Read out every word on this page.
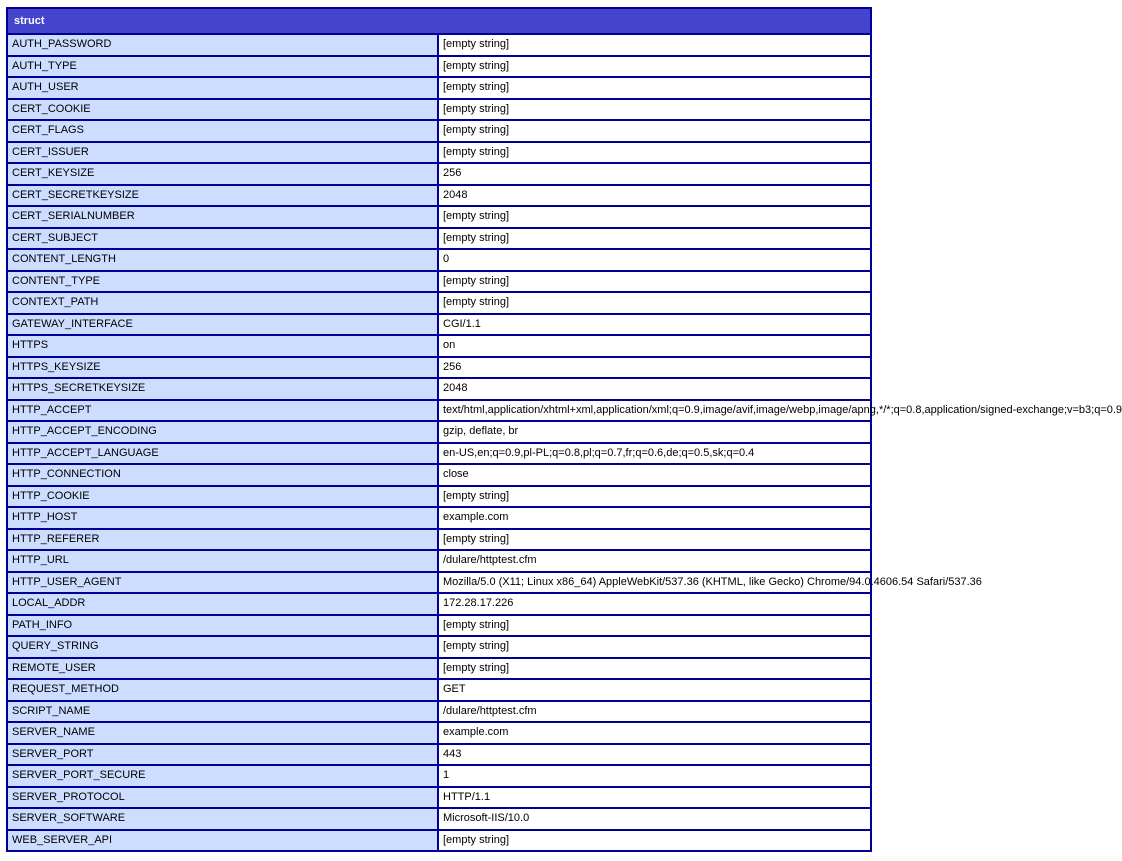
struct	
AUTH_PASSWORD	[empty string]
AUTH_TYPE	[empty string]
AUTH_USER	[empty string]
CERT_COOKIE	[empty string]
CERT_FLAGS	[empty string]
CERT_ISSUER	[empty string]
CERT_KEYSIZE	256
CERT_SECRETKEYSIZE	2048
CERT_SERIALNUMBER	[empty string]
CERT_SUBJECT	[empty string]
CONTENT_LENGTH	0
CONTENT_TYPE	[empty string]
CONTEXT_PATH	[empty string]
GATEWAY_INTERFACE	CGI/1.1
HTTPS	on
HTTPS_KEYSIZE	256
HTTPS_SECRETKEYSIZE	2048
HTTP_ACCEPT	text/html,application/xhtml+xml,application/xml;q=0.9,image/avif,image/webp,image/apng,*/*;q=0.8,application/signed-exchange;v=b3;q=0.9
HTTP_ACCEPT_ENCODING	gzip, deflate, br
HTTP_ACCEPT_LANGUAGE	en-US,en;q=0.9,pl-PL;q=0.8,pl;q=0.7,fr;q=0.6,de;q=0.5,sk;q=0.4
HTTP_CONNECTION	close
HTTP_COOKIE	[empty string]
HTTP_HOST	example.com
HTTP_REFERER	[empty string]
HTTP_URL	/dulare/httptest.cfm
HTTP_USER_AGENT	Mozilla/5.0 (X11; Linux x86_64) AppleWebKit/537.36 (KHTML, like Gecko) Chrome/94.0.4606.54 Safari/537.36
LOCAL_ADDR	172.28.17.226
PATH_INFO	[empty string]
QUERY_STRING	[empty string]
REMOTE_USER	[empty string]
REQUEST_METHOD	GET
SCRIPT_NAME	/dulare/httptest.cfm
SERVER_NAME	example.com
SERVER_PORT	443
SERVER_PORT_SECURE	1
SERVER_PROTOCOL	HTTP/1.1
SERVER_SOFTWARE	Microsoft-IIS/10.0
WEB_SERVER_API	[empty string]
